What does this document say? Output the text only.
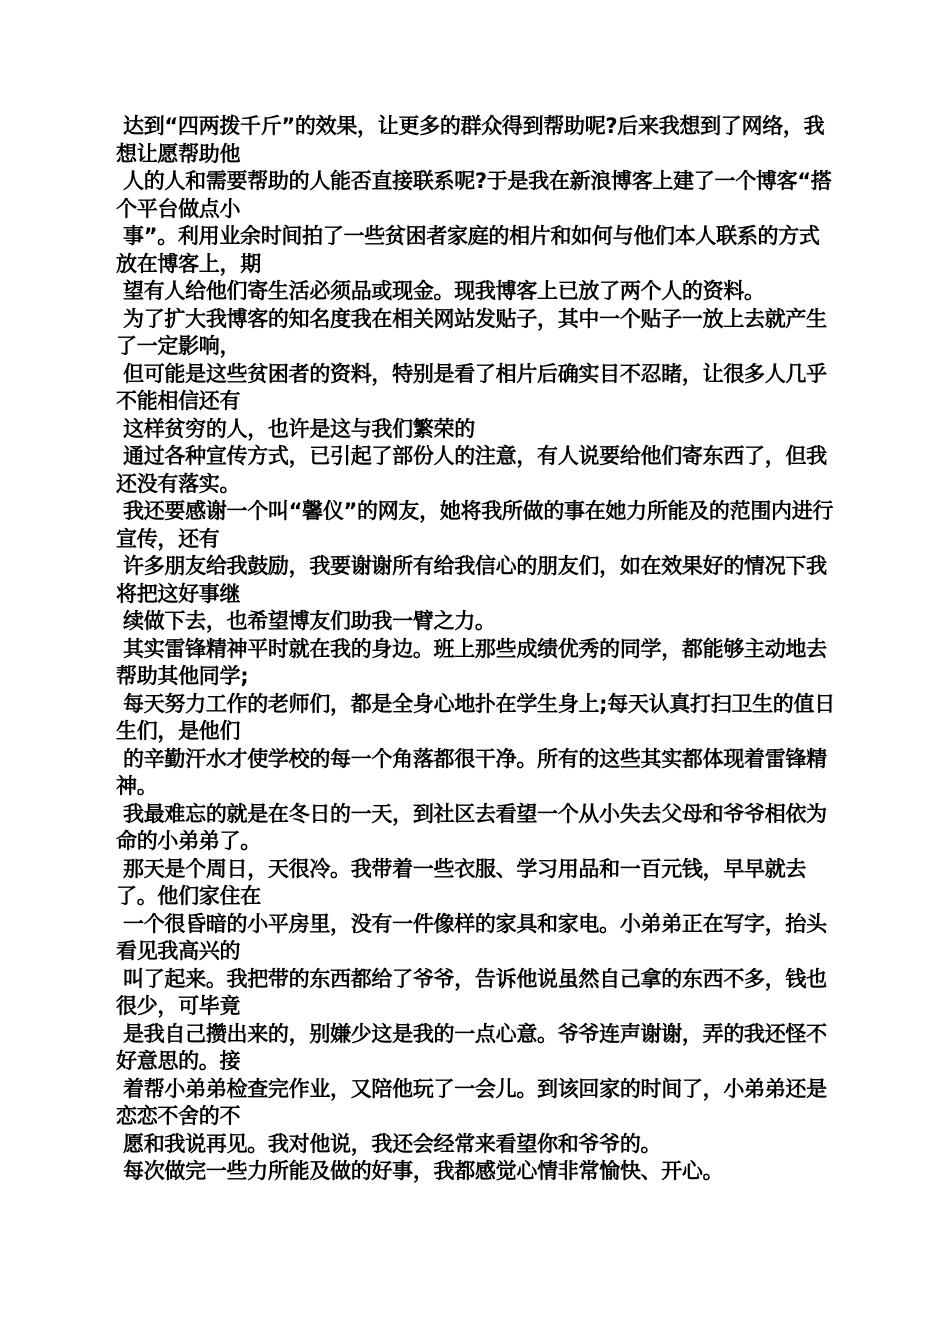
达到“四两拨千斤”的效果，让更多的群众得到帮助呢?后来我想到了网络，我想让愿帮助他

人的人和需要帮助的人能否直接联系呢?于是我在新浪博客上建了一个博客“搭个平台做点小

事”。利用业余时间拍了一些贫困者家庭的相片和如何与他们本人联系的方式放在博客上，期

望有人给他们寄生活必须品或现金。现我博客上已放了两个人的资料。

为了扩大我博客的知名度我在相关网站发贴子，其中一个贴子一放上去就产生了一定影响，

但可能是这些贫困者的资料，特别是看了相片后确实目不忍睹，让很多人几乎不能相信还有

这样贫穷的人，也许是这与我们繁荣的

通过各种宣传方式，已引起了部份人的注意，有人说要给他们寄东西了，但我还没有落实。

我还要感谢一个叫“馨仪”的网友，她将我所做的事在她力所能及的范围内进行宣传，还有

许多朋友给我鼓励，我要谢谢所有给我信心的朋友们，如在效果好的情况下我将把这好事继

续做下去，也希望博友们助我一臂之力。

其实雷锋精神平时就在我的身边。班上那些成绩优秀的同学，都能够主动地去帮助其他同学;

每天努力工作的老师们，都是全身心地扑在学生身上;每天认真打扫卫生的值日生们，是他们

的辛勤汗水才使学校的每一个角落都很干净。所有的这些其实都体现着雷锋精神。

我最难忘的就是在冬日的一天，到社区去看望一个从小失去父母和爷爷相依为命的小弟弟了。

那天是个周日，天很冷。我带着一些衣服、学习用品和一百元钱，早早就去了。他们家住在

一个很昏暗的小平房里，没有一件像样的家具和家电。小弟弟正在写字，抬头看见我高兴的

叫了起来。我把带的东西都给了爷爷，告诉他说虽然自己拿的东西不多，钱也很少，可毕竟

是我自己攒出来的，别嫌少这是我的一点心意。爷爷连声谢谢，弄的我还怪不好意思的。接

着帮小弟弟检查完作业，又陪他玩了一会儿。到该回家的时间了，小弟弟还是恋恋不舍的不

愿和我说再见。我对他说，我还会经常来看望你和爷爷的。

每次做完一些力所能及做的好事，我都感觉心情非常愉快、开心。
